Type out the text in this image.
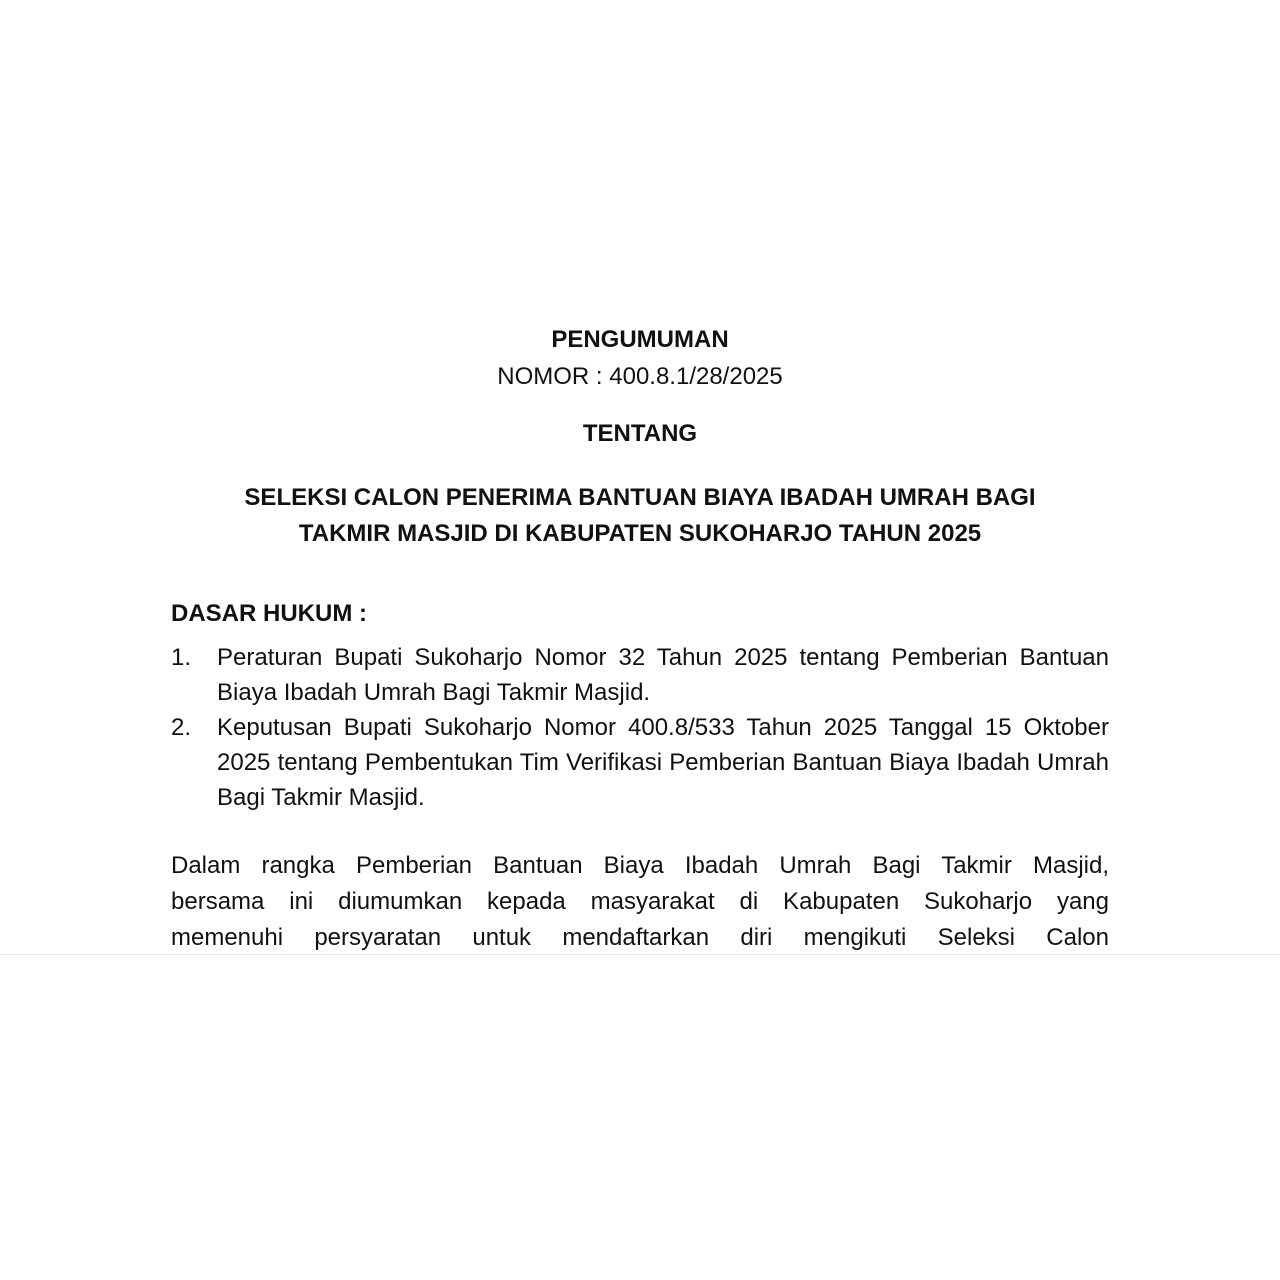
PENGUMUMAN

NOMOR : 400.8.1/28/2025

TENTANG

SELEKSI CALON PENERIMA BANTUAN BIAYA IBADAH UMRAH BAGI
TAKMIR MASJID DI KABUPATEN SUKOHARJO TAHUN 2025
DASAR HUKUM :
1. Peraturan Bupati Sukoharjo Nomor 32 Tahun 2025 tentang Pemberian Bantuan Biaya Ibadah Umrah Bagi Takmir Masjid.
2. Keputusan Bupati Sukoharjo Nomor 400.8/533 Tahun 2025 Tanggal 15 Oktober 2025 tentang Pembentukan Tim Verifikasi Pemberian Bantuan Biaya Ibadah Umrah Bagi Takmir Masjid.
Dalam rangka Pemberian Bantuan Biaya Ibadah Umrah Bagi Takmir Masjid,
bersama ini diumumkan kepada masyarakat di Kabupaten Sukoharjo yang
memenuhi persyaratan untuk mendaftarkan diri mengikuti Seleksi Calon
